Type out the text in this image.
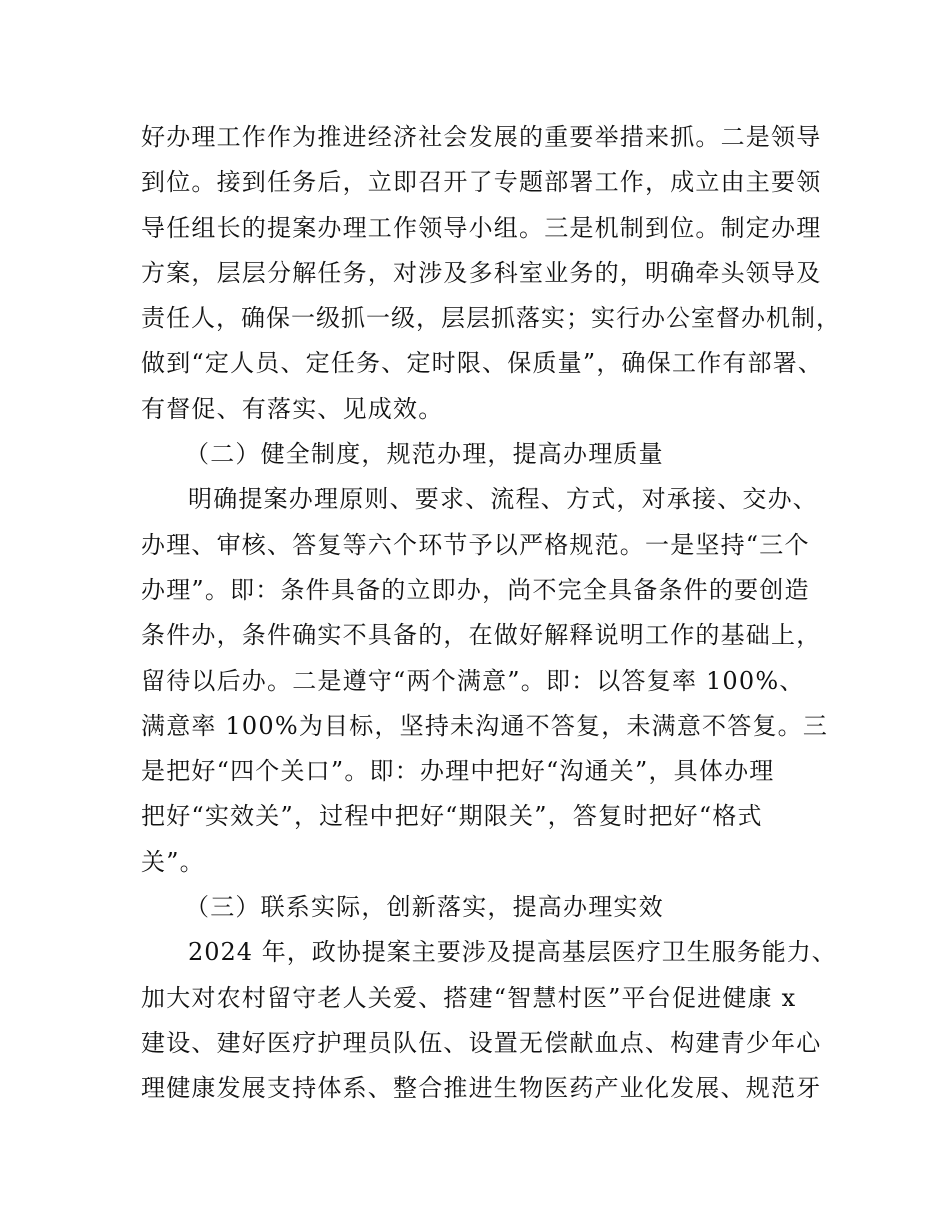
好办理工作作为推进经济社会发展的重要举措来抓。二是领导
到位。接到任务后，立即召开了专题部署工作，成立由主要领
导任组长的提案办理工作领导小组。三是机制到位。制定办理
方案，层层分解任务，对涉及多科室业务的，明确牵头领导及
责任人，确保一级抓一级，层层抓落实；实行办公室督办机制，
做到“定人员、定任务、定时限、保质量”，确保工作有部署、
有督促、有落实、见成效。
（二）健全制度，规范办理，提高办理质量
明确提案办理原则、要求、流程、方式，对承接、交办、
办理、审核、答复等六个环节予以严格规范。一是坚持“三个
办理”。即：条件具备的立即办，尚不完全具备条件的要创造
条件办，条件确实不具备的，在做好解释说明工作的基础上，
留待以后办。二是遵守“两个满意”。即：以答复率 100%、
满意率 100%为目标，坚持未沟通不答复，未满意不答复。三
是把好“四个关口”。即：办理中把好“沟通关”，具体办理
把好“实效关”，过程中把好“期限关”，答复时把好“格式
关”。
（三）联系实际，创新落实，提高办理实效
2024 年，政协提案主要涉及提高基层医疗卫生服务能力、
加大对农村留守老人关爱、搭建“智慧村医”平台促进健康 x
建设、建好医疗护理员队伍、设置无偿献血点、构建青少年心
理健康发展支持体系、整合推进生物医药产业化发展、规范牙
